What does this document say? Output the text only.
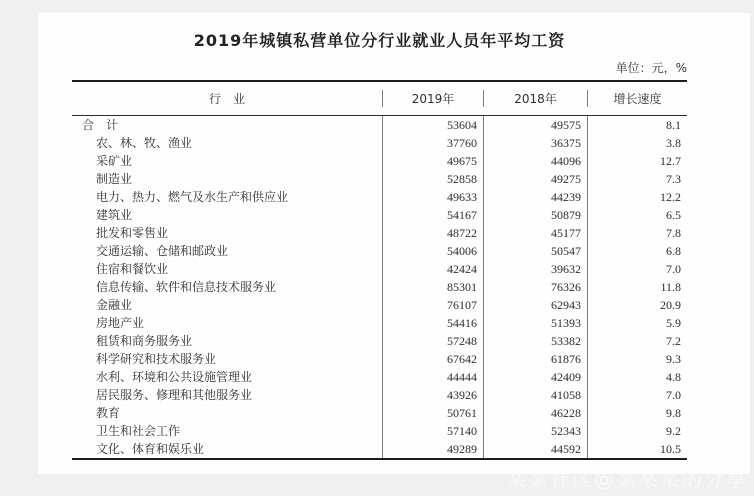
2019年城镇私营单位分行业就业人员年平均工资
单位：元，%
行　业	2019年	2018年	增长速度
合　计	53604	49575	8.1
农、林、牧、渔业	37760	36375	3.8
采矿业	49675	44096	12.7
制造业	52858	49275	7.3
电力、热力、燃气及水生产和供应业	49633	44239	12.2
建筑业	54167	50879	6.5
批发和零售业	48722	45177	7.8
交通运输、仓储和邮政业	54006	50547	6.8
住宿和餐饮业	42424	39632	7.0
信息传输、软件和信息技术服务业	85301	76326	11.8
金融业	76107	62943	20.9
房地产业	54416	51393	5.9
租赁和商务服务业	57248	53382	7.2
科学研究和技术服务业	67642	61876	9.3
水利、环境和公共设施管理业	44444	42409	4.8
居民服务、修理和其他服务业	43926	41058	7.0
教育	50761	46228	9.8
卫生和社会工作	57140	52343	9.2
文化、体育和娱乐业	49289	44592	10.5
某某社区@某某某的分享
